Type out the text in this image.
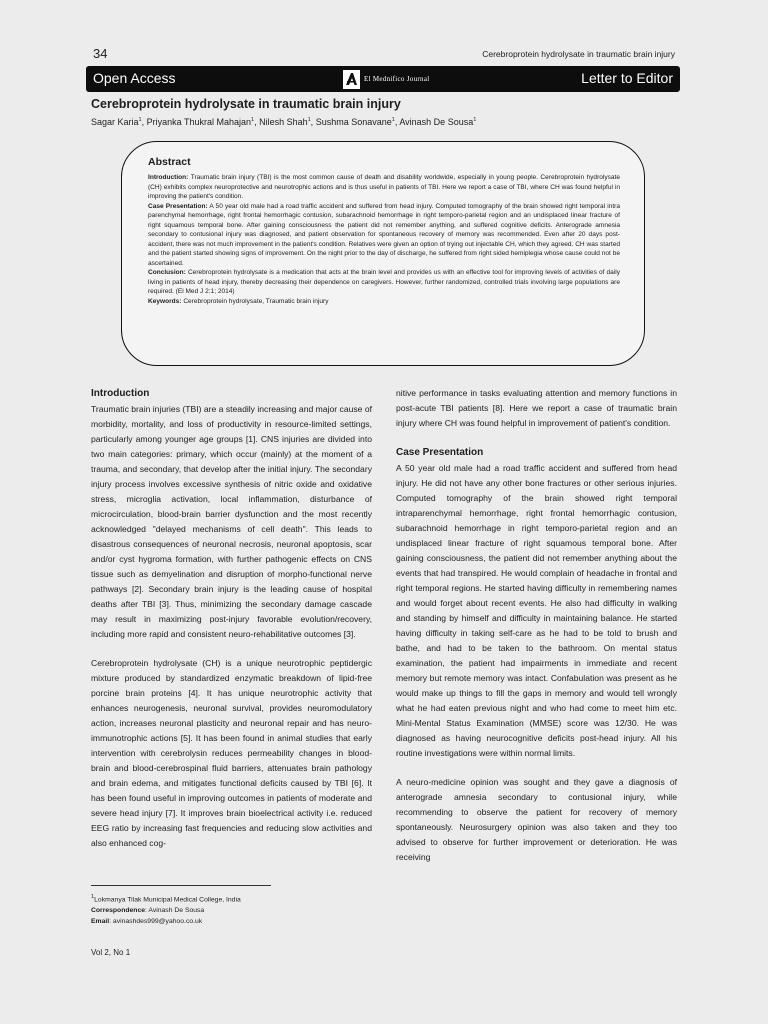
34	Cerebroprotein hydrolysate in traumatic brain injury
Open Access	El Mednifico Journal	Letter to Editor
Cerebroprotein hydrolysate in traumatic brain injury
Sagar Karia$^1$, Priyanka Thukral Mahajan$^1$, Nilesh Shah$^1$, Sushma Sonavane$^1$, Avinash De Sousa$^1$
Abstract

Introduction: Traumatic brain injury (TBI) is the most common cause of death and disability worldwide, especially in young people. Cerebroprotein hydrolysate (CH) exhibits complex neuroprotective and neurotrophic actions and is thus useful in patients of TBI. Here we report a case of TBI, where CH was found helpful in improving the patient's condition.

Case Presentation: A 50 year old male had a road traffic accident and suffered from head injury. Computed tomography of the brain showed right temporal intra parenchymal hemorrhage, right frontal hemorrhagic contusion, subarachnoid hemorrhage in right temporo-parietal region and an undisplaced linear fracture of right squamous temporal bone. After gaining consciousness the patient did not remember anything, and suffered cognitive deficits. Anterograde amnesia secondary to contusional injury was diagnosed, and patient observation for spontaneous recovery of memory was recommended. Even after 20 days post-accident, there was not much improvement in the patient's condition. Relatives were given an option of trying out injectable CH, which they agreed. CH was started and the patient started showing signs of improvement. On the night prior to the day of discharge, he suffered from right sided hemiplegia whose cause could not be ascertained.

Conclusion: Cerebroprotein hydrolysate is a medication that acts at the brain level and provides us with an effective tool for improving levels of activities of daily living in patients of head injury, thereby decreasing their dependence on caregivers. However, further randomized, controlled trials involving large populations are required. (El Med J 2:1; 2014)

Keywords: Cerebroprotein hydrolysate, Traumatic brain injury

Introduction

Traumatic brain injuries (TBI) are a steadily increasing and major cause of morbidity, mortality, and loss of productivity in resource-limited settings, particularly among younger age groups [1]. CNS injuries are divided into two main categories: primary, which occur (mainly) at the moment of a trauma, and secondary, that develop after the initial injury. The secondary injury process involves excessive synthesis of nitric oxide and oxidative stress, microglia activation, local inflammation, disturbance of microcirculation, blood-brain barrier dysfunction and the most recently acknowledged "delayed mechanisms of cell death". This leads to disastrous consequences of neuronal necrosis, neuronal apoptosis, scar and/or cyst hygroma formation, with further pathogenic effects on CNS tissue such as demyelination and disruption of morpho-functional nerve pathways [2]. Secondary brain injury is the leading cause of hospital deaths after TBI [3]. Thus, minimizing the secondary damage cascade may result in maximizing post-injury favorable evolution/recovery, including more rapid and consistent neuro-rehabilitative outcomes [3].

Cerebroprotein hydrolysate (CH) is a unique neurotrophic peptidergic mixture produced by standardized enzymatic breakdown of lipid-free porcine brain proteins [4]. It has unique neurotrophic activity that enhances neurogenesis, neuronal survival, provides neuromodulatory action, increases neuronal plasticity and neuronal repair and has neuro-immunotrophic actions [5]. It has been found in animal studies that early intervention with cerebrolysin reduces permeability changes in blood-brain and blood-cerebrospinal fluid barriers, attenuates brain pathology and brain edema, and mitigates functional deficits caused by TBI [6]. It has been found useful in improving outcomes in patients of moderate and severe head injury [7]. It improves brain bioelectrical activity i.e. reduced EEG ratio by increasing fast frequencies and reducing slow activities and also enhanced cog-

nitive performance in tasks evaluating attention and memory functions in post-acute TBI patients [8]. Here we report a case of traumatic brain injury where CH was found helpful in improvement of patient's condition.

Case Presentation

A 50 year old male had a road traffic accident and suffered from head injury. He did not have any other bone fractures or other serious injuries. Computed tomography of the brain showed right temporal intraparenchymal hemorrhage, right frontal hemorrhagic contusion, subarachnoid hemorrhage in right temporo-parietal region and an undisplaced linear fracture of right squamous temporal bone. After gaining consciousness, the patient did not remember anything about the events that had transpired. He would complain of headache in frontal and right temporal regions. He started having difficulty in remembering names and would forget about recent events. He also had difficulty in walking and standing by himself and difficulty in maintaining balance. He started having difficulty in taking self-care as he had to be told to brush and bathe, and had to be taken to the bathroom. On mental status examination, the patient had impairments in immediate and recent memory but remote memory was intact. Confabulation was present as he would make up things to fill the gaps in memory and would tell wrongly what he had eaten previous night and who had come to meet him etc. Mini-Mental Status Examination (MMSE) score was 12/30. He was diagnosed as having neurocognitive deficits post-head injury. All his routine investigations were within normal limits.

A neuro-medicine opinion was sought and they gave a diagnosis of anterograde amnesia secondary to contusional injury, while recommending to observe the patient for recovery of memory spontaneously. Neurosurgery opinion was also taken and they too advised to observe for further improvement or deterioration. He was receiving

$^1$Lokmanya Tilak Municipal Medical College, India
Correspondence: Avinash De Sousa
Email: avinashdes999@yahoo.co.uk
Vol 2, No 1
